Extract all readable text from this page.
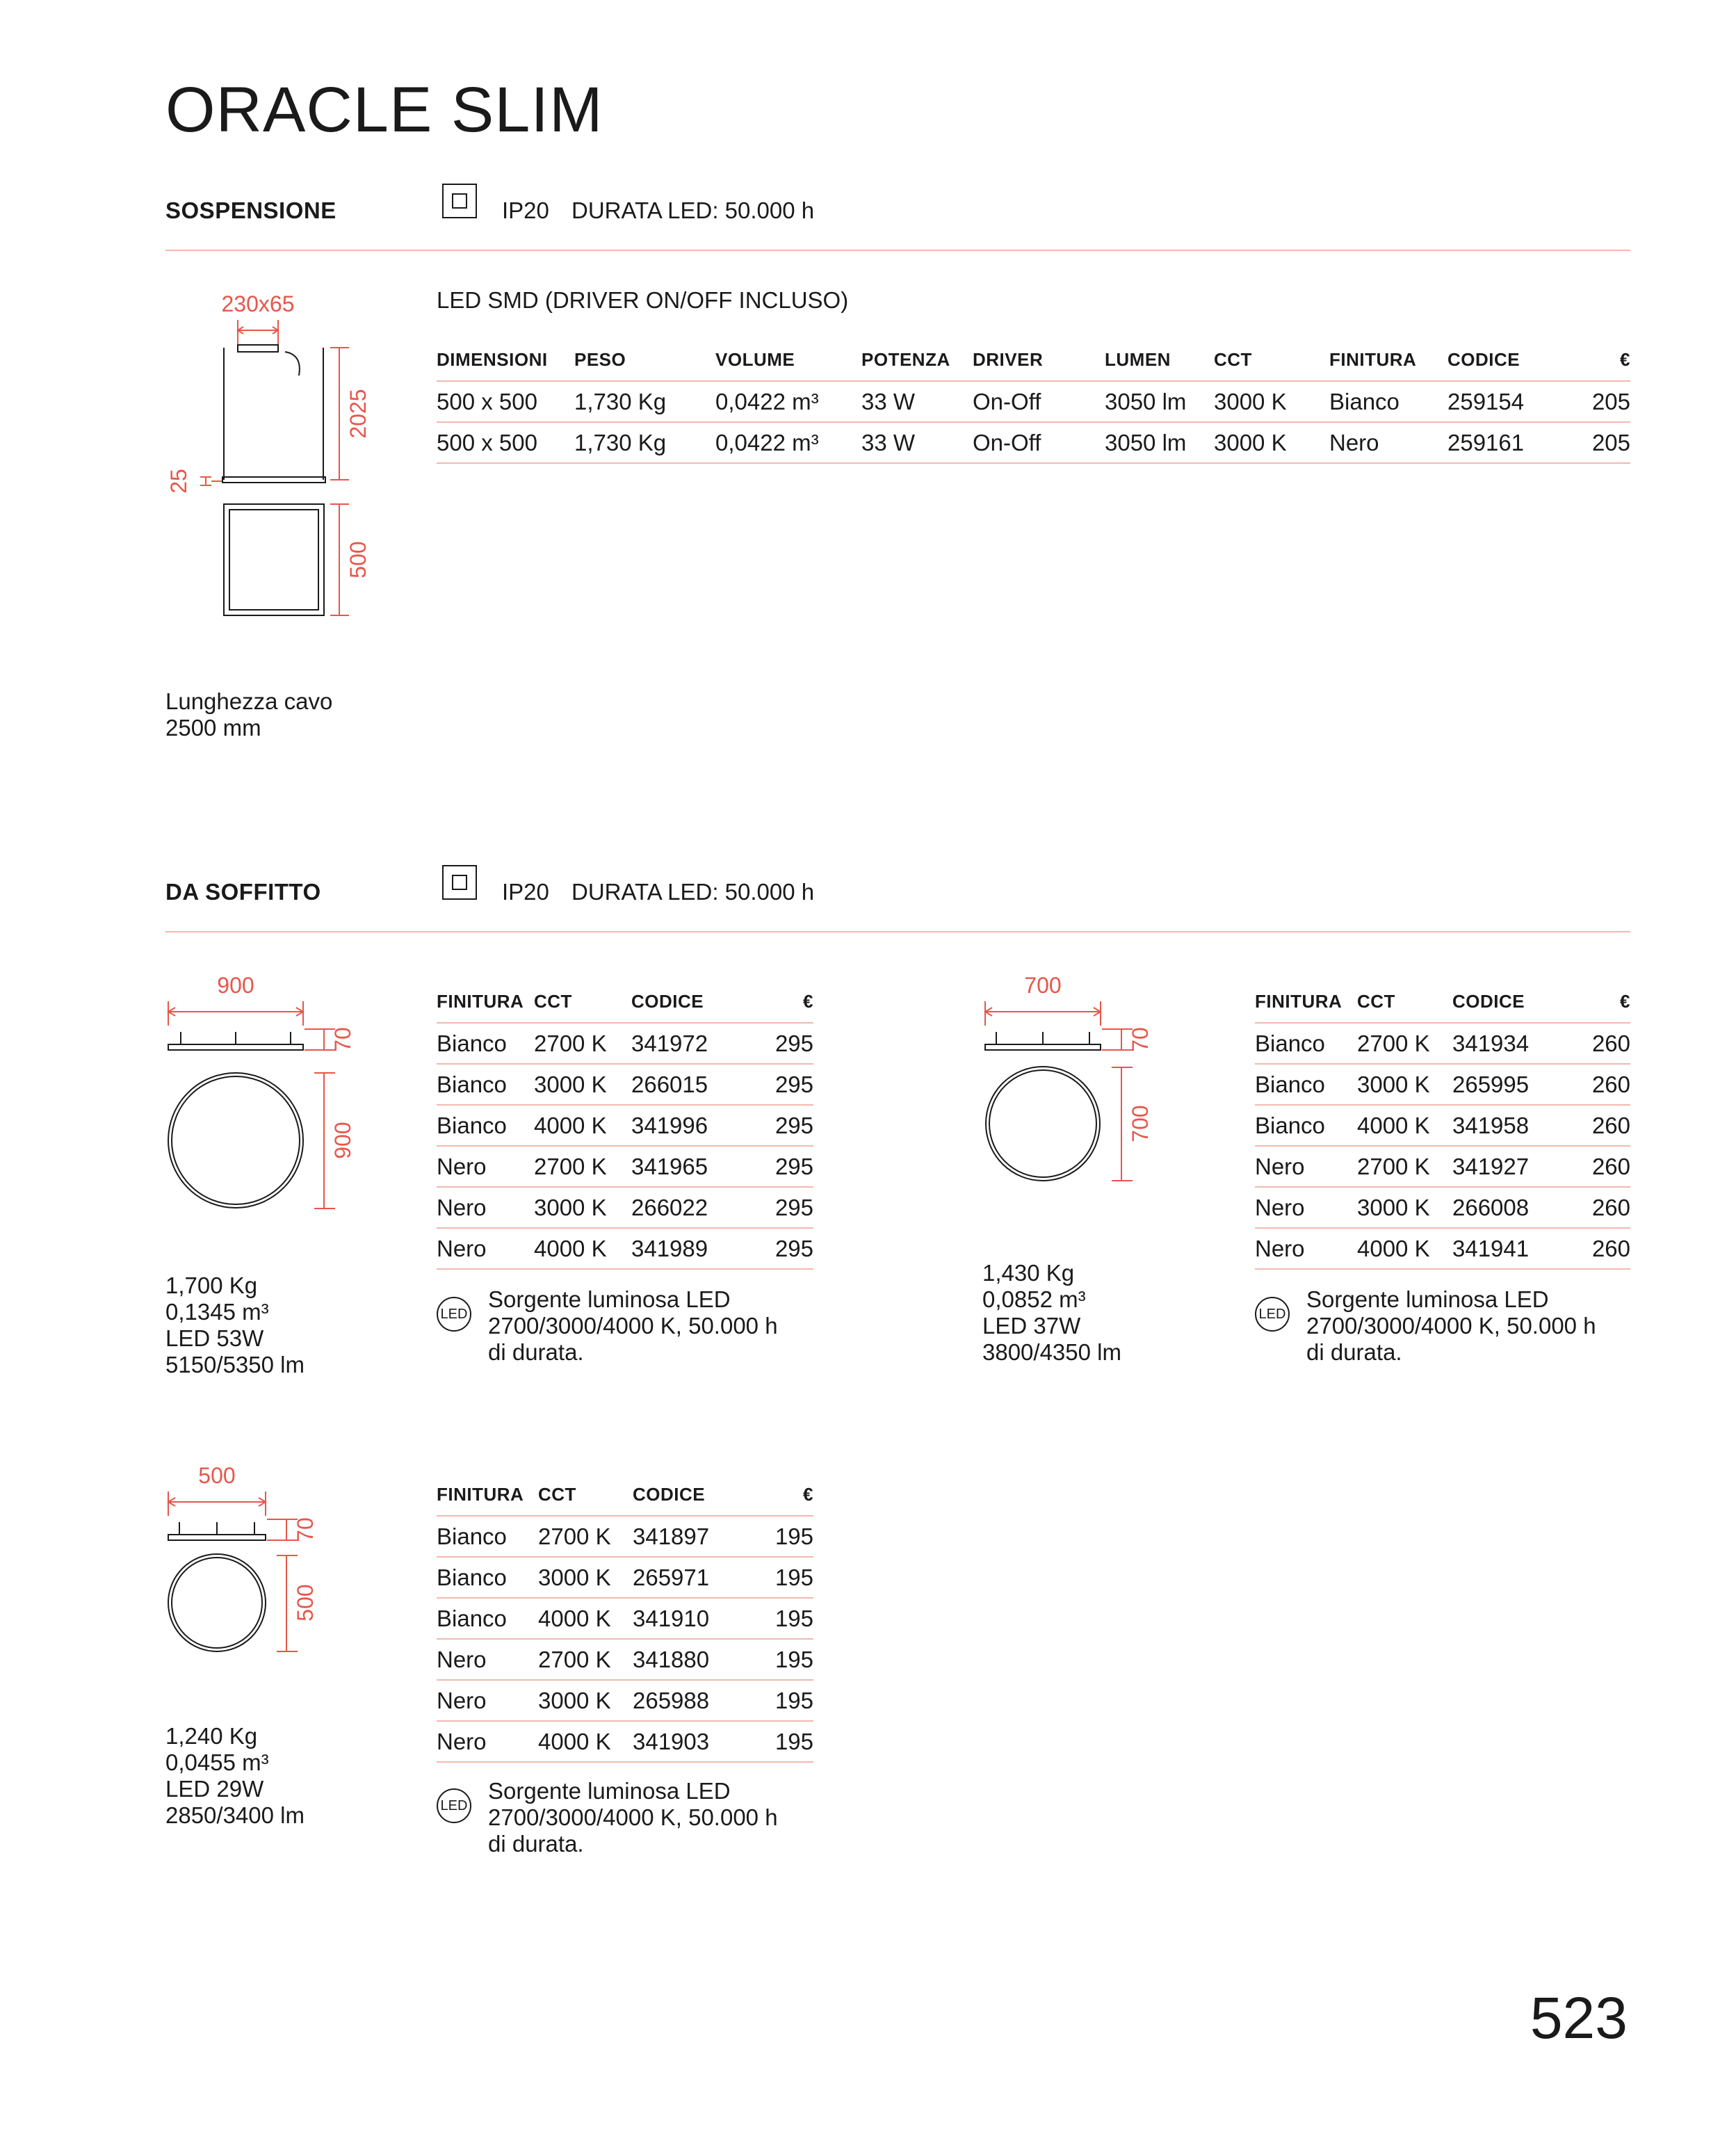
ORACLE SLIM
SOSPENSIONE	IP20 DURATA LED: 50.000 h
LED SMD (DRIVER ON/OFF INCLUSO)
230x65
2025
25
500
Lunghezza cavo
2500 mm
DIMENSIONI	PESO	VOLUME	POTENZA	DRIVER	LUMEN	CCT	FINITURA	CODICE	€
500 x 500	1,730 Kg	0,0422 m³	33 W	On-Off	3050 lm	3000 K	Bianco	259154	205
500 x 500	1,730 Kg	0,0422 m³	33 W	On-Off	3050 lm	3000 K	Nero	259161	205
DA SOFFITTO	IP20 DURATA LED: 50.000 h
900
70
900
1,700 Kg
0,1345 m³
LED 53W
5150/5350 lm
FINITURA	CCT	CODICE	€
Bianco	2700 K	341972	295
Bianco	3000 K	266015	295
Bianco	4000 K	341996	295
Nero	2700 K	341965	295
Nero	3000 K	266022	295
Nero	4000 K	341989	295
LED
Sorgente luminosa LED
2700/3000/4000 K, 50.000 h
di durata.
700
70
700
1,430 Kg
0,0852 m³
LED 37W
3800/4350 lm
FINITURA	CCT	CODICE	€
Bianco	2700 K	341934	260
Bianco	3000 K	265995	260
Bianco	4000 K	341958	260
Nero	2700 K	341927	260
Nero	3000 K	266008	260
Nero	4000 K	341941	260
LED
Sorgente luminosa LED
2700/3000/4000 K, 50.000 h
di durata.
500
70
500
1,240 Kg
0,0455 m³
LED 29W
2850/3400 lm
FINITURA	CCT	CODICE	€
Bianco	2700 K	341897	195
Bianco	3000 K	265971	195
Bianco	4000 K	341910	195
Nero	2700 K	341880	195
Nero	3000 K	265988	195
Nero	4000 K	341903	195
LED
Sorgente luminosa LED
2700/3000/4000 K, 50.000 h
di durata.
523
